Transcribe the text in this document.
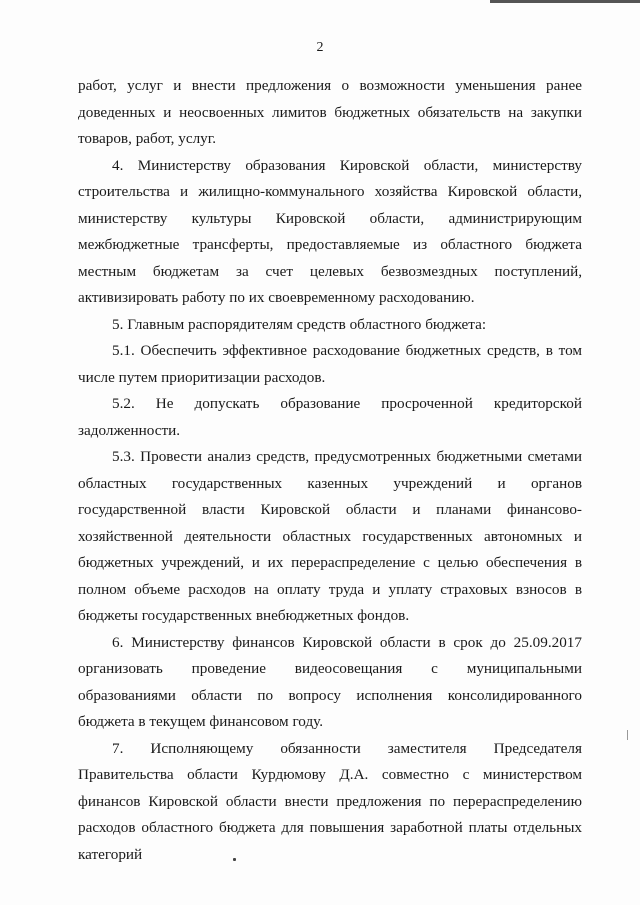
2

работ, услуг и внести предложения о возможности уменьшения ранее доведенных и неосвоенных лимитов бюджетных обязательств на закупки товаров, работ, услуг.

4. Министерству образования Кировской области, министерству строительства и жилищно-коммунального хозяйства Кировской области, министерству культуры Кировской области, администрирующим межбюджетные трансферты, предоставляемые из областного бюджета местным бюджетам за счет целевых безвозмездных поступлений, активизировать работу по их своевременному расходованию.

5. Главным распорядителям средств областного бюджета:

5.1. Обеспечить эффективное расходование бюджетных средств, в том числе путем приоритизации расходов.

5.2. Не допускать образование просроченной кредиторской

задолженности.

5.3. Провести анализ средств, предусмотренных бюджетными сметами областных государственных казенных учреждений и органов государственной власти Кировской области и планами финансово-хозяйственной деятельности областных государственных автономных и бюджетных учреждений, и их перераспределение с целью обеспечения в полном объеме расходов на оплату труда и уплату страховых взносов в бюджеты государственных внебюджетных фондов.

6. Министерству финансов Кировской области в срок до 25.09.2017 организовать проведение видеосовещания с муниципальными образованиями области по вопросу исполнения консолидированного бюджета в текущем финансовом году.

7. Исполняющему обязанности заместителя Председателя

Правительства области Курдюмову Д.А. совместно с министерством финансов Кировской области внести предложения по перераспределению расходов областного бюджета для повышения заработной платы отдельных категорий
